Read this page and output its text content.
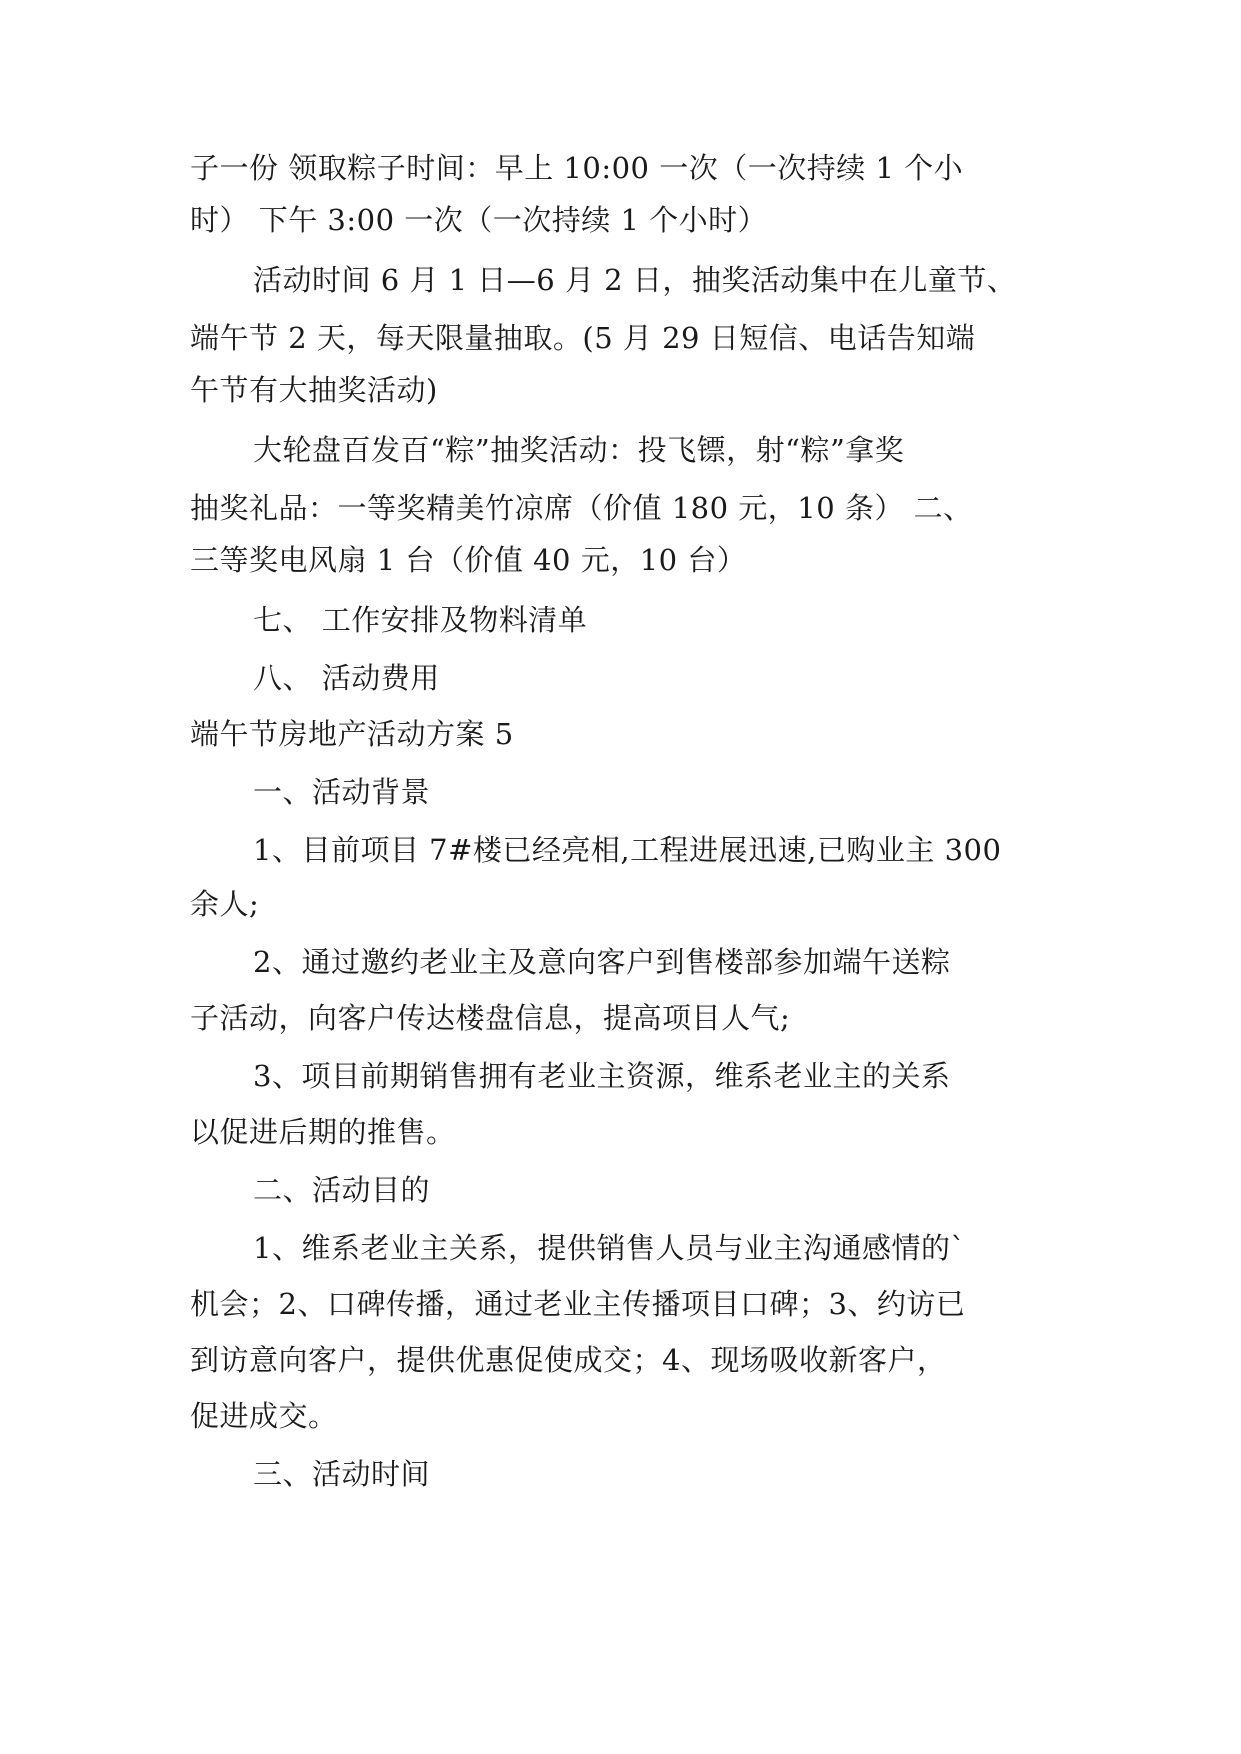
子一份 领取粽子时间：早上 10:00 一次（一次持续 1 个小

时） 下午 3:00 一次（一次持续 1 个小时）

活动时间 6 月 1 日—6 月 2 日，抽奖活动集中在儿童节、

端午节 2 天，每天限量抽取。(5 月 29 日短信、电话告知端

午节有大抽奖活动)

大轮盘百发百“粽”抽奖活动：投飞镖，射“粽”拿奖

抽奖礼品：一等奖精美竹凉席（价值 180 元，10 条） 二、

三等奖电风扇 1 台（价值 40 元，10 台）

七、 工作安排及物料清单

八、 活动费用

端午节房地产活动方案 5

一、活动背景

1、目前项目 7#楼已经亮相,工程进展迅速,已购业主 300

余人;

2、通过邀约老业主及意向客户到售楼部参加端午送粽

子活动，向客户传达楼盘信息，提高项目人气;

3、项目前期销售拥有老业主资源，维系老业主的关系

以促进后期的推售。

二、活动目的

1、维系老业主关系，提供销售人员与业主沟通感情的`

机会；2、口碑传播，通过老业主传播项目口碑；3、约访已

到访意向客户，提供优惠促使成交；4、现场吸收新客户，

促进成交。

三、活动时间
